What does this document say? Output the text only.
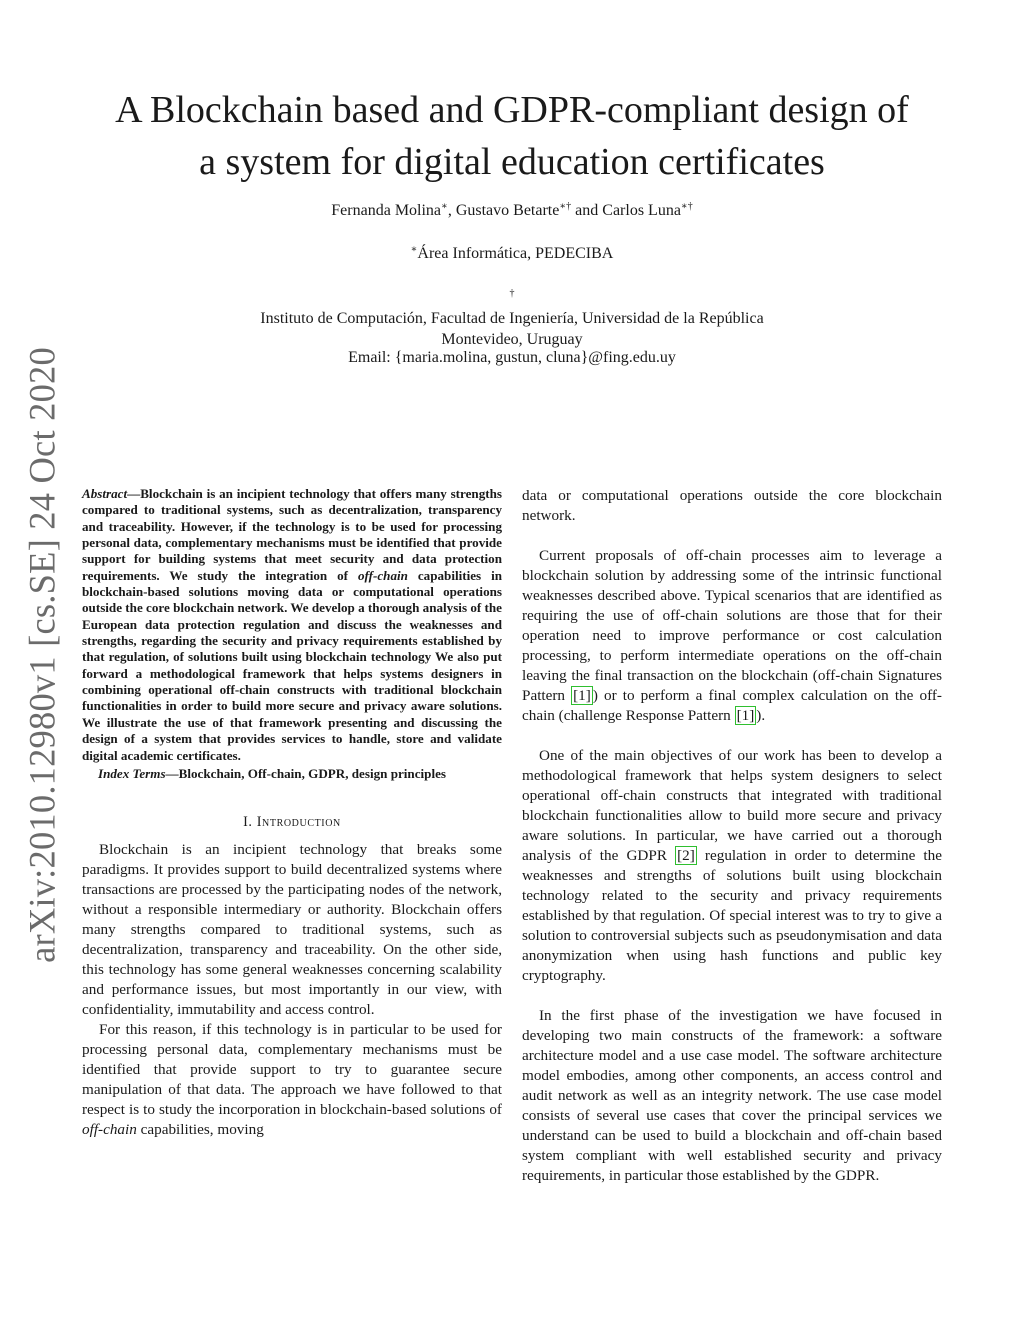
arXiv:2010.12980v1 [cs.SE] 24 Oct 2020
A Blockchain based and GDPR-compliant design of
a system for digital education certificates
Fernanda Molina∗, Gustavo Betarte∗† and Carlos Luna∗†
∗Área Informática, PEDECIBA
†
Instituto de Computación, Facultad de Ingeniería, Universidad de la República
Montevideo, Uruguay
Email: {maria.molina, gustun, cluna}@fing.edu.uy

Abstract—Blockchain is an incipient technology that offers many strengths compared to traditional systems, such as decentralization, transparency and traceability. However, if the technology is to be used for processing personal data, complementary mechanisms must be identified that provide support for building systems that meet security and data protection requirements. We study the integration of off-chain capabilities in blockchain-based solutions moving data or computational operations outside the core blockchain network. We develop a thorough analysis of the European data protection regulation and discuss the weaknesses and strengths, regarding the security and privacy requirements established by that regulation, of solutions built using blockchain technology We also put forward a methodological framework that helps systems designers in combining operational off-chain constructs with traditional blockchain functionalities in order to build more secure and privacy aware solutions. We illustrate the use of that framework presenting and discussing the design of a system that provides services to handle, store and validate digital academic certificates.

Index Terms—Blockchain, Off-chain, GDPR, design principles

I. Introduction

Blockchain is an incipient technology that breaks some paradigms. It provides support to build decentralized systems where transactions are processed by the participating nodes of the network, without a responsible intermediary or authority. Blockchain offers many strengths compared to traditional systems, such as decentralization, transparency and traceability. On the other side, this technology has some general weaknesses concerning scalability and performance issues, but most importantly in our view, with confidentiality, immutability and access control.

For this reason, if this technology is in particular to be used for processing personal data, complementary mechanisms must be identified that provide support to try to guarantee secure manipulation of that data. The approach we have followed to that respect is to study the incorporation in blockchain-based solutions of off-chain capabilities, moving

data or computational operations outside the core blockchain network.

Current proposals of off-chain processes aim to leverage a blockchain solution by addressing some of the intrinsic functional weaknesses described above. Typical scenarios that are identified as requiring the use of off-chain solutions are those that for their operation need to improve performance or cost calculation processing, to perform intermediate operations on the off-chain leaving the final transaction on the blockchain (off-chain Signatures Pattern [1] ) or to perform a final complex calculation on the off-chain (challenge Response Pattern [1] ).

One of the main objectives of our work has been to develop a methodological framework that helps system designers to select operational off-chain constructs that integrated with traditional blockchain functionalities allow to build more secure and privacy aware solutions. In particular, we have carried out a thorough analysis of the GDPR [2] regulation in order to determine the weaknesses and strengths of solutions built using blockchain technology related to the security and privacy requirements established by that regulation. Of special interest was to try to give a solution to controversial subjects such as pseudonymisation and data anonymization when using hash functions and public key cryptography.

In the first phase of the investigation we have focused in developing two main constructs of the framework: a software architecture model and a use case model. The software architecture model embodies, among other components, an access control and audit network as well as an integrity network. The use case model consists of several use cases that cover the principal services we understand can be used to build a blockchain and off-chain based system compliant with well established security and privacy requirements, in particular those established by the GDPR.
